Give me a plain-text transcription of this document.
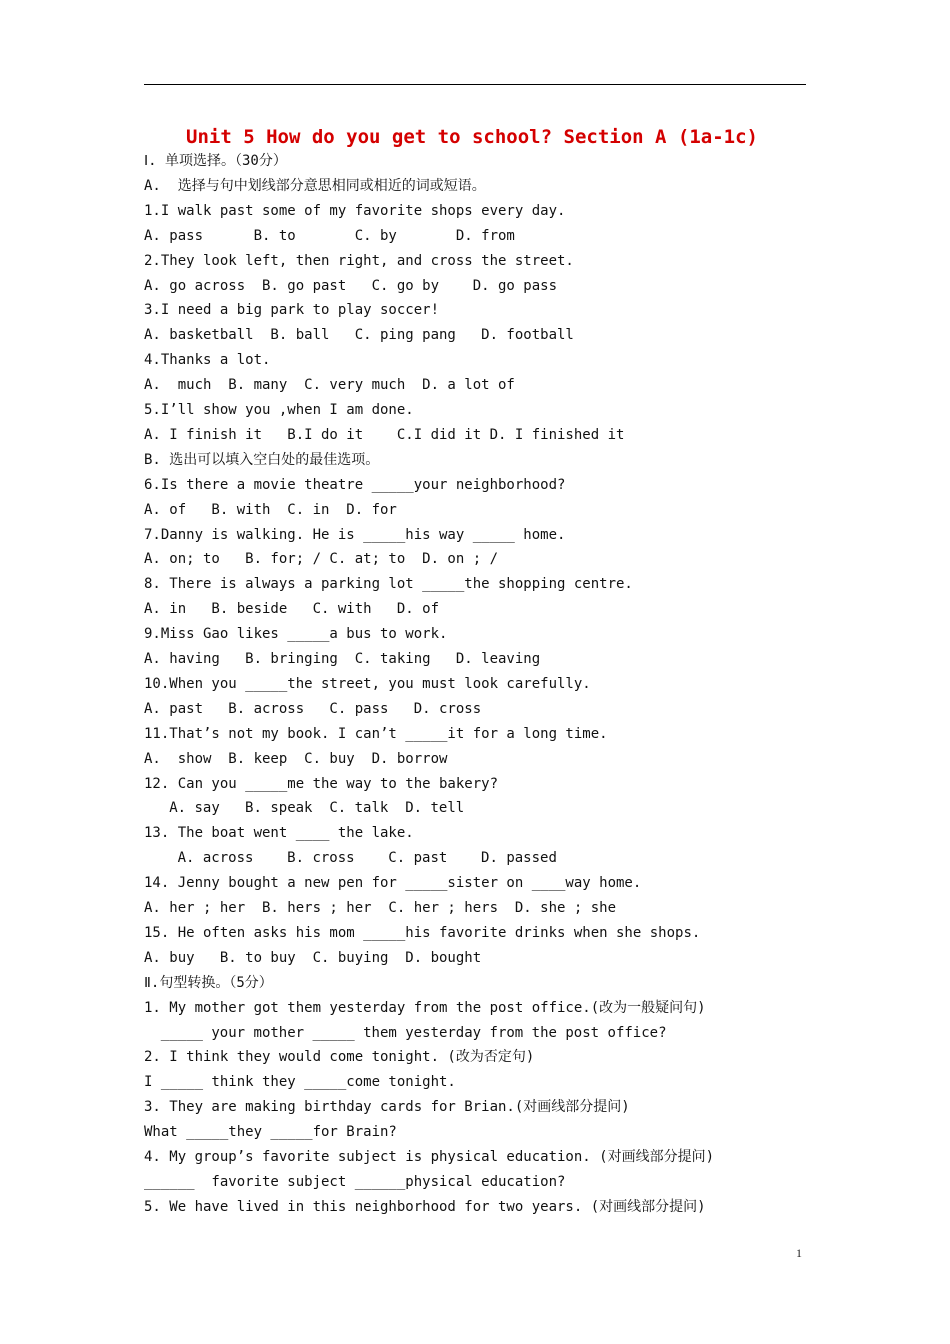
Unit 5 How do you get to school? Section A (1a-1c)
Ⅰ. 单项选择。（30分）
A.  选择与句中划线部分意思相同或相近的词或短语。
1.I walk past some of my favorite shops every day.
A. pass      B. to       C. by       D. from
2.They look left, then right, and cross the street.
A. go across  B. go past   C. go by    D. go pass
3.I need a big park to play soccer!
A. basketball  B. ball   C. ping pang   D. football
4.Thanks a lot.
A.  much  B. many  C. very much  D. a lot of
5.I’ll show you ,when I am done.
A. I finish it   B.I do it    C.I did it D. I finished it
B. 选出可以填入空白处的最佳选项。
6.Is there a movie theatre _____your neighborhood?
A. of   B. with  C. in  D. for
7.Danny is walking. He is _____his way _____ home.
A. on; to   B. for; / C. at; to  D. on ; /
8. There is always a parking lot _____the shopping centre.
A. in   B. beside   C. with   D. of
9.Miss Gao likes _____a bus to work.
A. having   B. bringing  C. taking   D. leaving
10.When you _____the street, you must look carefully.
A. past   B. across   C. pass   D. cross
11.That’s not my book. I can’t _____it for a long time.
A.  show  B. keep  C. buy  D. borrow
12. Can you _____me the way to the bakery?
A. say   B. speak  C. talk  D. tell
13. The boat went ____ the lake.
A. across    B. cross    C. past    D. passed
14. Jenny bought a new pen for _____sister on ____way home.
A. her ; her  B. hers ; her  C. her ; hers  D. she ; she
15. He often asks his mom _____his favorite drinks when she shops.
A. buy   B. to buy  C. buying  D. bought
Ⅱ.句型转换。（5分）
1. My mother got them yesterday from the post office.(改为一般疑问句)
_____ your mother _____ them yesterday from the post office?
2. I think they would come tonight. (改为否定句)
I _____ think they _____come tonight.
3. They are making birthday cards for Brian.(对画线部分提问)
What _____they _____for Brain?
4. My group’s favorite subject is physical education. (对画线部分提问)
______  favorite subject ______physical education?
5. We have lived in this neighborhood for two years. (对画线部分提问)
1
